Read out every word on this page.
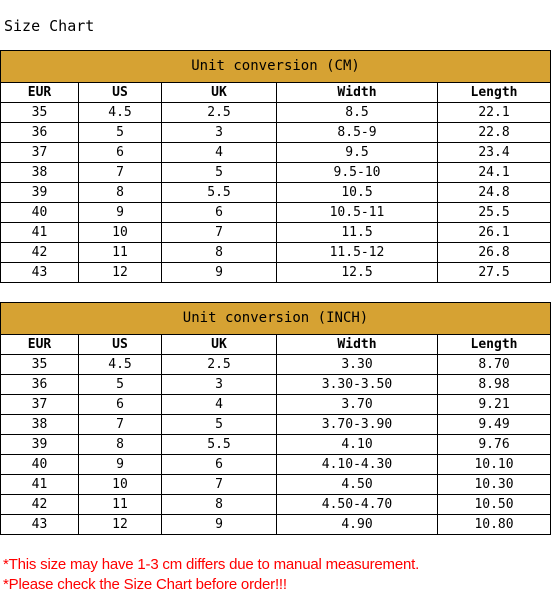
Size Chart
Unit conversion (CM)				
EUR	US	UK	Width	Length
35	4.5	2.5	8.5	22.1
36	5	3	8.5-9	22.8
37	6	4	9.5	23.4
38	7	5	9.5-10	24.1
39	8	5.5	10.5	24.8
40	9	6	10.5-11	25.5
41	10	7	11.5	26.1
42	11	8	11.5-12	26.8
43	12	9	12.5	27.5
Unit conversion (INCH)				
EUR	US	UK	Width	Length
35	4.5	2.5	3.30	8.70
36	5	3	3.30-3.50	8.98
37	6	4	3.70	9.21
38	7	5	3.70-3.90	9.49
39	8	5.5	4.10	9.76
40	9	6	4.10-4.30	10.10
41	10	7	4.50	10.30
42	11	8	4.50-4.70	10.50
43	12	9	4.90	10.80
*This size may have 1-3 cm differs due to manual measurement.
*Please check the Size Chart before order!!!
